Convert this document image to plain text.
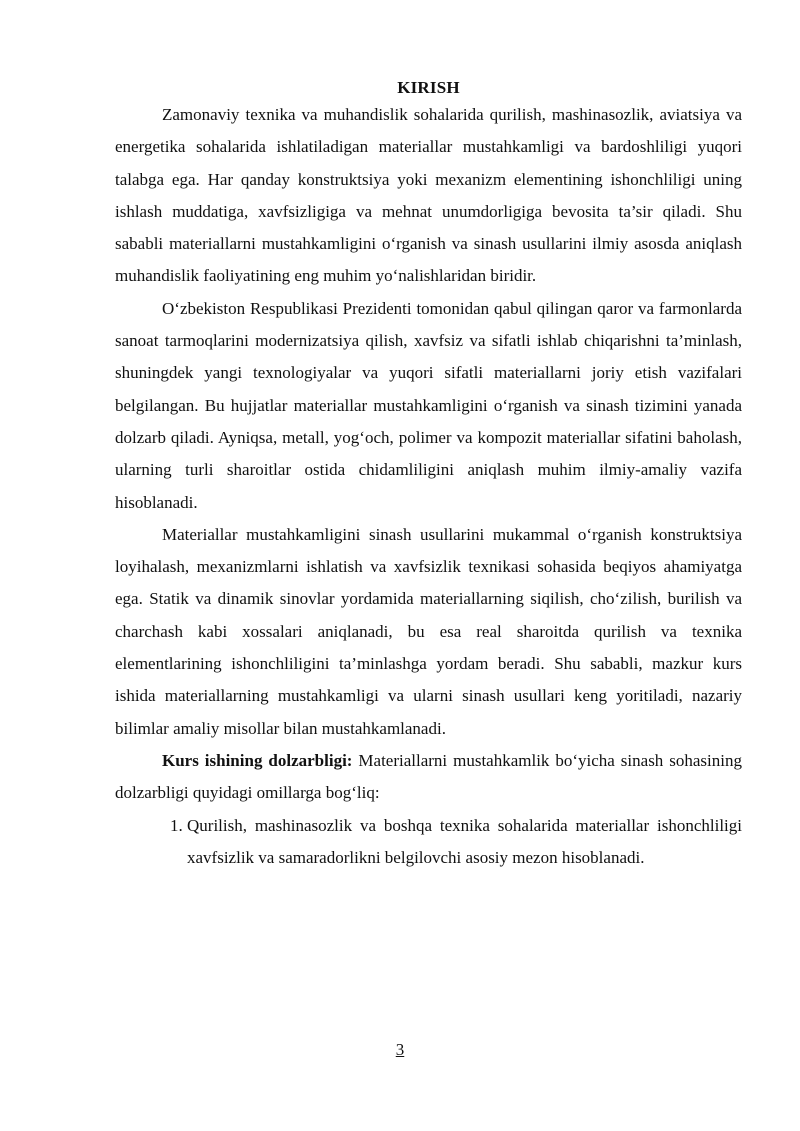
KIRISH

Zamonaviy texnika va muhandislik sohalarida qurilish, mashinasozlik, aviatsiya va energetika sohalarida ishlatiladigan materiallar mustahkamligi va bardoshliligi yuqori talabga ega. Har qanday konstruktsiya yoki mexanizm elementining ishonchliligi uning ishlash muddatiga, xavfsizligiga va mehnat unumdorligiga bevosita ta’sir qiladi. Shu sababli materiallarni mustahkamligini o‘rganish va sinash usullarini ilmiy asosda aniqlash muhandislik faoliyatining eng muhim yo‘nalishlaridan biridir.

O‘zbekiston Respublikasi Prezidenti tomonidan qabul qilingan qaror va farmonlarda sanoat tarmoqlarini modernizatsiya qilish, xavfsiz va sifatli ishlab chiqarishni ta’minlash, shuningdek yangi texnologiyalar va yuqori sifatli materiallarni joriy etish vazifalari belgilangan. Bu hujjatlar materiallar mustahkamligini o‘rganish va sinash tizimini yanada dolzarb qiladi. Ayniqsa, metall, yog‘och, polimer va kompozit materiallar sifatini baholash, ularning turli sharoitlar ostida chidamliligini aniqlash muhim ilmiy-amaliy vazifa hisoblanadi.

Materiallar mustahkamligini sinash usullarini mukammal o‘rganish konstruktsiya loyihalash, mexanizmlarni ishlatish va xavfsizlik texnikasi sohasida beqiyos ahamiyatga ega. Statik va dinamik sinovlar yordamida materiallarning siqilish, cho‘zilish, burilish va charchash kabi xossalari aniqlanadi, bu esa real sharoitda qurilish va texnika elementlarining ishonchliligini ta’minlashga yordam beradi. Shu sababli, mazkur kurs ishida materiallarning mustahkamligi va ularni sinash usullari keng yoritiladi, nazariy bilimlar amaliy misollar bilan mustahkamlanadi.

Kurs ishining dolzarbligi: Materiallarni mustahkamlik bo‘yicha sinash sohasining dolzarbligi quyidagi omillarga bog‘liq:

1. Qurilish, mashinasozlik va boshqa texnika sohalarida materiallar ishonchliligi xavfsizlik va samaradorlikni belgilovchi asosiy mezon hisoblanadi.
3
